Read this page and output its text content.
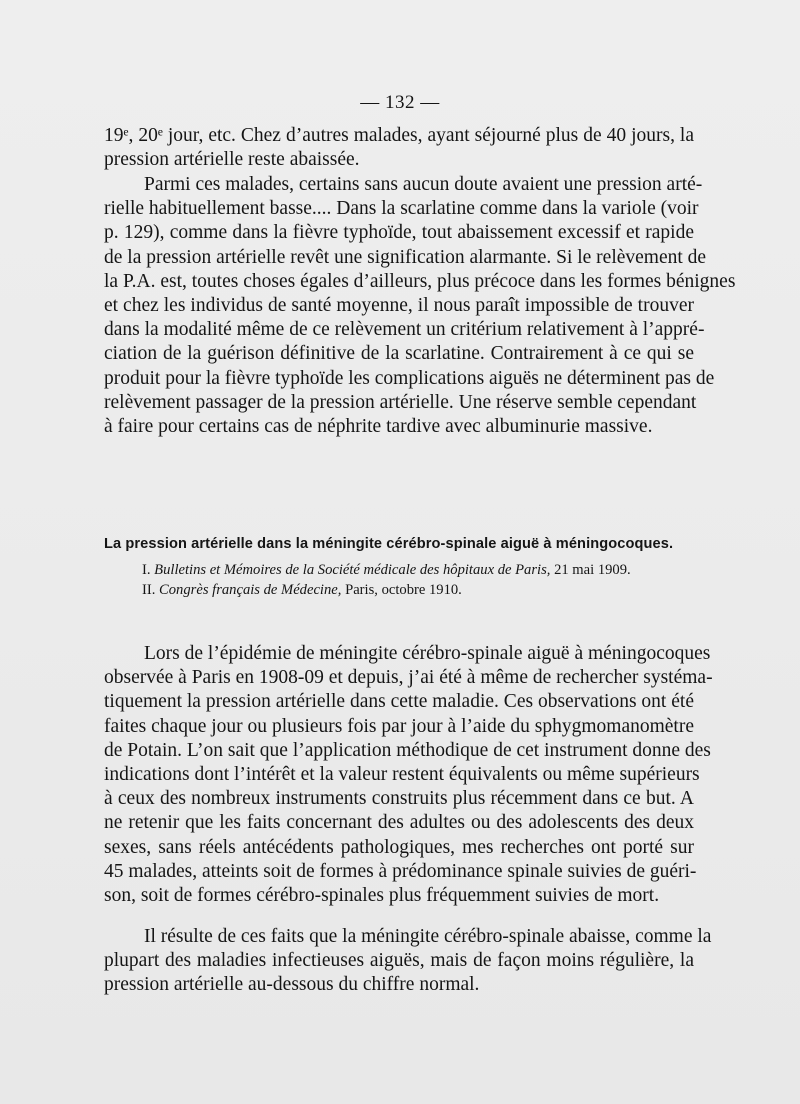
— 132 —
19ᵉ, 20ᵉ jour, etc. Chez d’autres malades, ayant séjourné plus de 40 jours, la
pression artérielle reste abaissée.
Parmi ces malades, certains sans aucun doute avaient une pression arté-
rielle habituellement basse.... Dans la scarlatine comme dans la variole (voir
p. 129), comme dans la fièvre typhoïde, tout abaissement excessif et rapide
de la pression artérielle revêt une signification alarmante. Si le relèvement de
la P.A. est, toutes choses égales d’ailleurs, plus précoce dans les formes bénignes
et chez les individus de santé moyenne, il nous paraît impossible de trouver
dans la modalité même de ce relèvement un critérium relativement à l’appré-
ciation de la guérison définitive de la scarlatine. Contrairement à ce qui se
produit pour la fièvre typhoïde les complications aiguës ne déterminent pas de
relèvement passager de la pression artérielle. Une réserve semble cependant
à faire pour certains cas de néphrite tardive avec albuminurie massive.
La pression artérielle dans la méningite cérébro-spinale aiguë à méningocoques.
I. Bulletins et Mémoires de la Société médicale des hôpitaux de Paris, 21 mai 1909.
II. Congrès français de Médecine, Paris, octobre 1910.
Lors de l’épidémie de méningite cérébro-spinale aiguë à méningocoques
observée à Paris en 1908-09 et depuis, j’ai été à même de rechercher systéma-
tiquement la pression artérielle dans cette maladie. Ces observations ont été
faites chaque jour ou plusieurs fois par jour à l’aide du sphygmomanomètre
de Potain. L’on sait que l’application méthodique de cet instrument donne des
indications dont l’intérêt et la valeur restent équivalents ou même supérieurs
à ceux des nombreux instruments construits plus récemment dans ce but. A
ne retenir que les faits concernant des adultes ou des adolescents des deux
sexes, sans réels antécédents pathologiques, mes recherches ont porté sur
45 malades, atteints soit de formes à prédominance spinale suivies de guéri-
son, soit de formes cérébro-spinales plus fréquemment suivies de mort.
Il résulte de ces faits que la méningite cérébro-spinale abaisse, comme la
plupart des maladies infectieuses aiguës, mais de façon moins régulière, la
pression artérielle au-dessous du chiffre normal.
